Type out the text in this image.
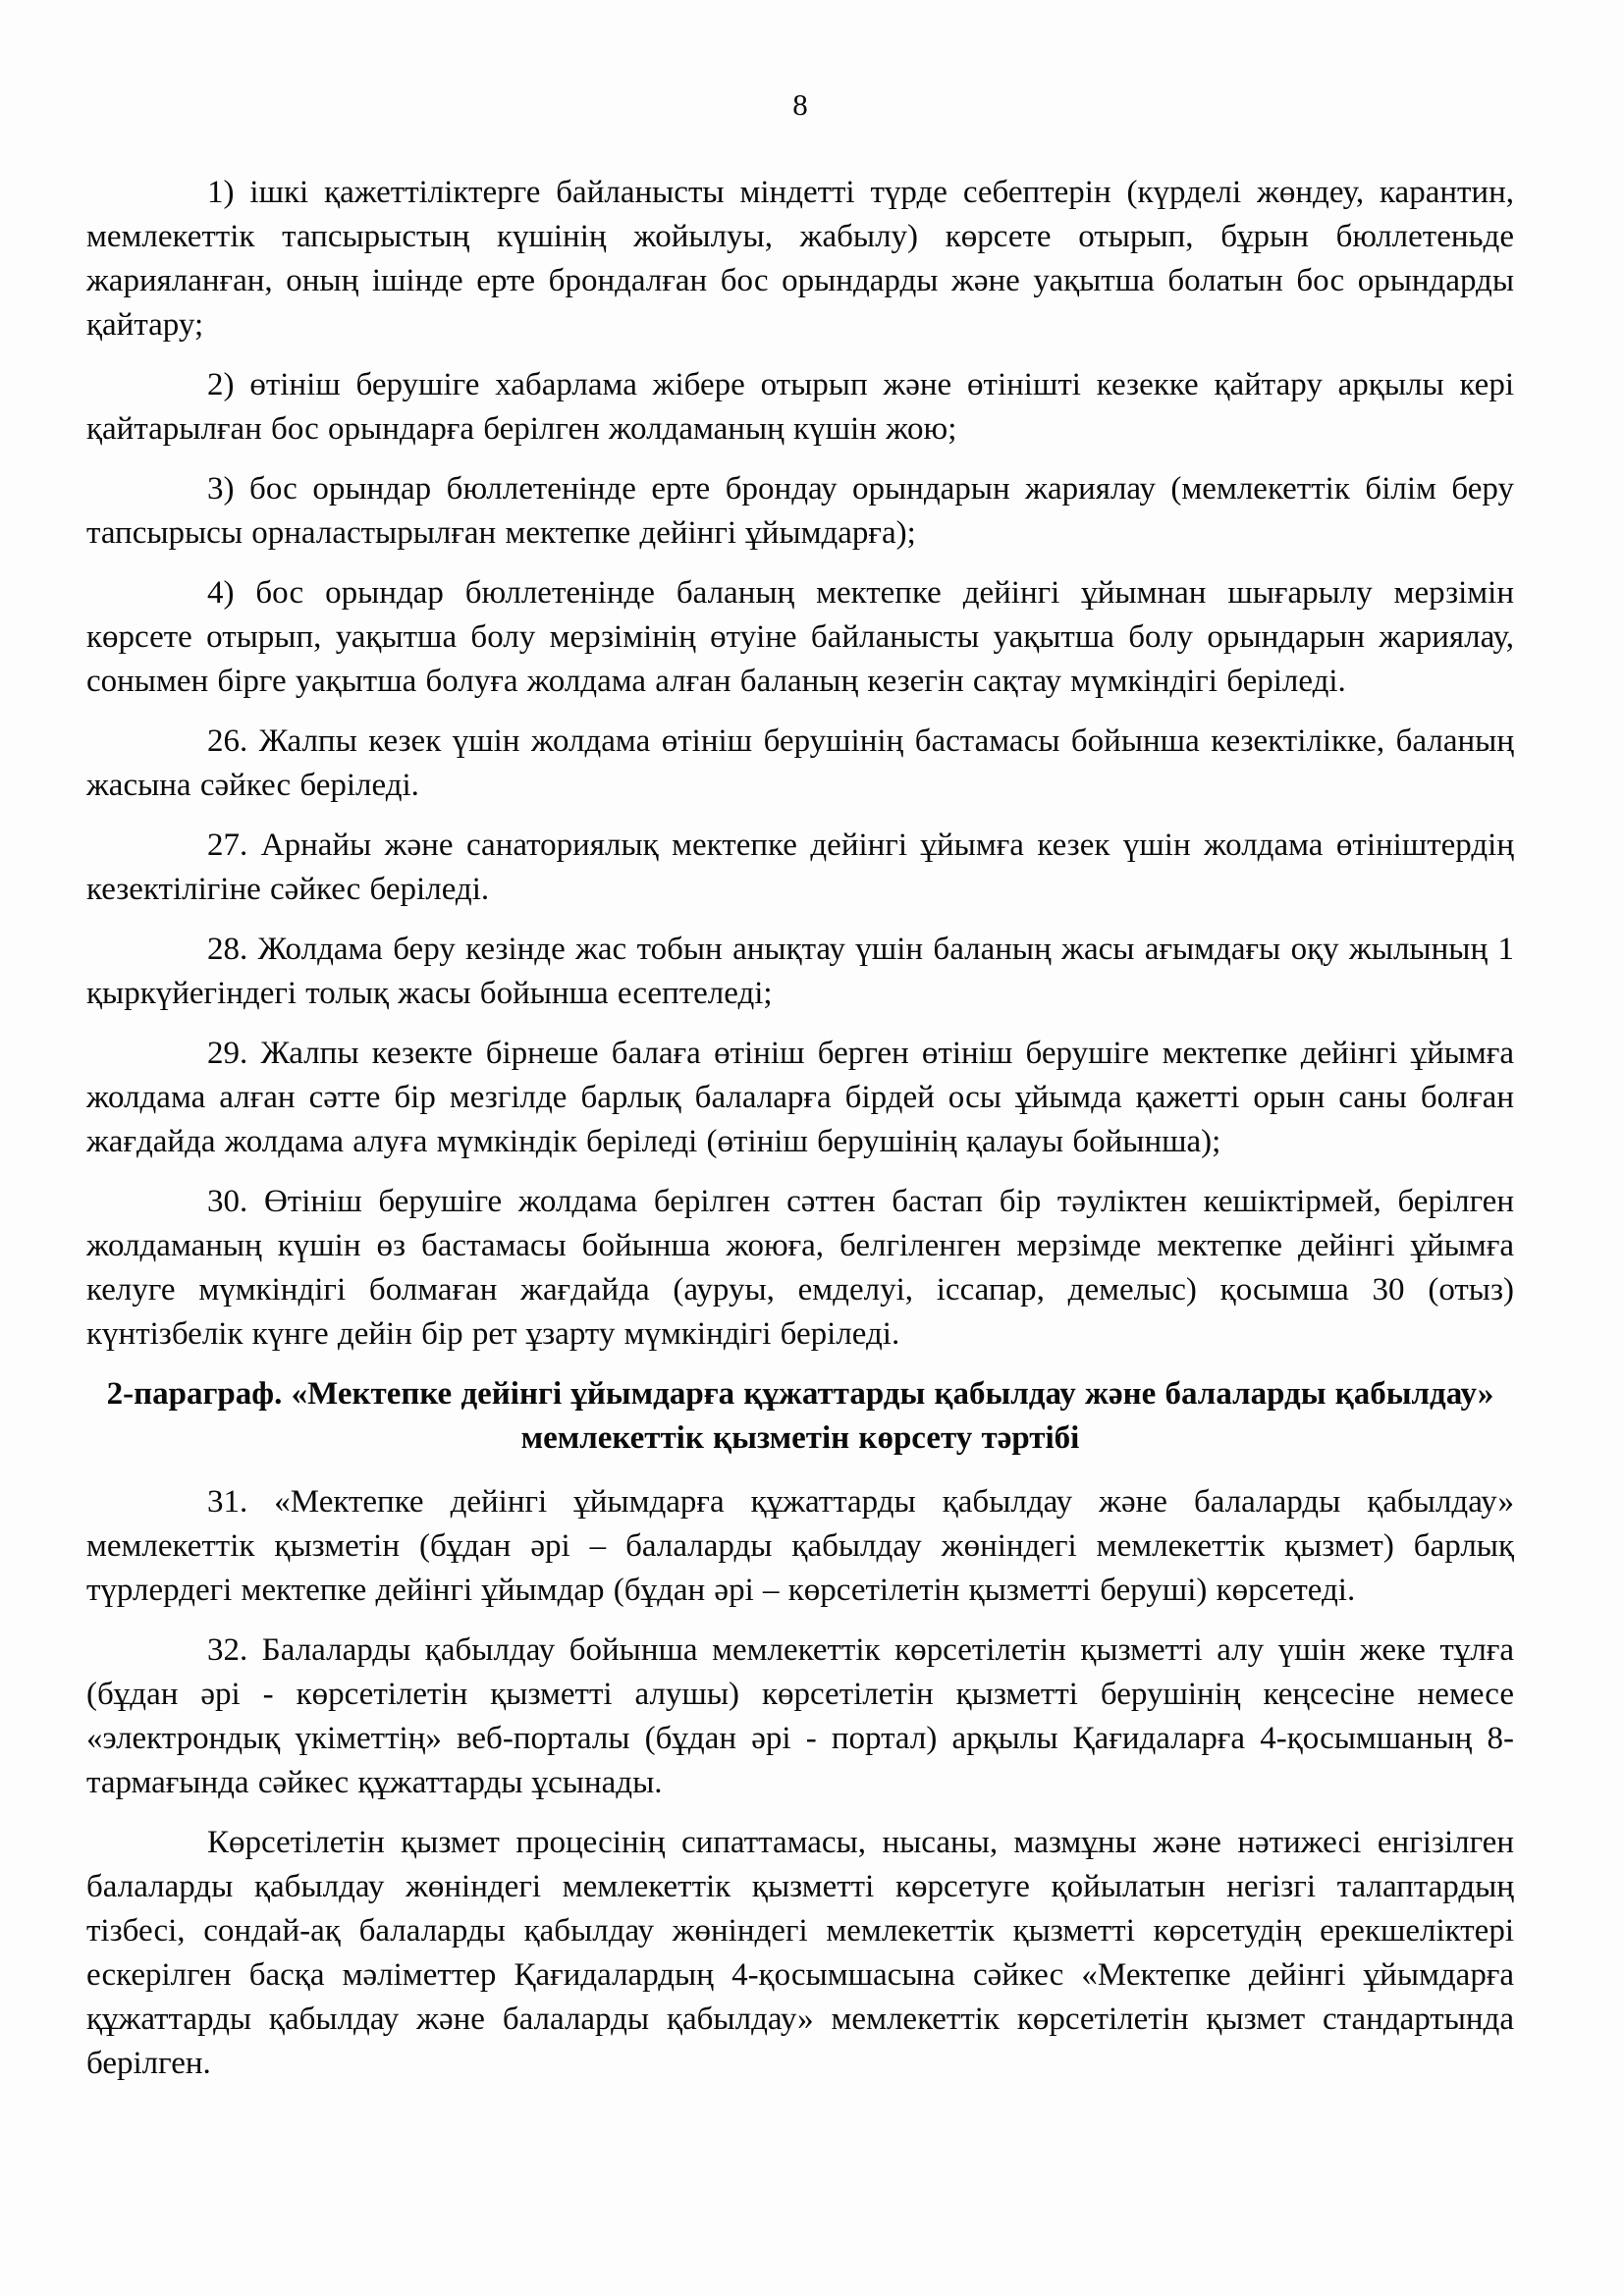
8

1) ішкі қажеттіліктерге байланысты міндетті түрде себептерін (күрделі жөндеу, карантин, мемлекеттік тапсырыстың күшінің жойылуы, жабылу) көрсете отырып, бұрын бюллетеньде жарияланған, оның ішінде ерте брондалған бос орындарды және уақытша болатын бос орындарды қайтару;

2) өтініш берушіге хабарлама жібере отырып және өтінішті кезекке қайтару арқылы кері қайтарылған бос орындарға берілген жолдаманың күшін жою;

3) бос орындар бюллетенінде ерте брондау орындарын жариялау (мемлекеттік білім беру тапсырысы орналастырылған мектепке дейінгі ұйымдарға);

4) бос орындар бюллетенінде баланың мектепке дейінгі ұйымнан шығарылу мерзімін көрсете отырып, уақытша болу мерзімінің өтуіне байланысты уақытша болу орындарын жариялау, сонымен бірге уақытша болуға жолдама алған баланың кезегін сақтау мүмкіндігі беріледі.

26. Жалпы кезек үшін жолдама өтініш берушінің бастамасы бойынша кезектілікке, баланың жасына сәйкес беріледі.

27. Арнайы және санаториялық мектепке дейінгі ұйымға кезек үшін жолдама өтініштердің кезектілігіне сәйкес беріледі.

28. Жолдама беру кезінде жас тобын анықтау үшін баланың жасы ағымдағы оқу жылының 1 қыркүйегіндегі толық жасы бойынша есептеледі;

29. Жалпы кезекте бірнеше балаға өтініш берген өтініш берушіге мектепке дейінгі ұйымға жолдама алған сәтте бір мезгілде барлық балаларға бірдей осы ұйымда қажетті орын саны болған жағдайда жолдама алуға мүмкіндік беріледі (өтініш берушінің қалауы бойынша);

30. Өтініш берушіге жолдама берілген сәттен бастап бір тәуліктен кешіктірмей, берілген жолдаманың күшін өз бастамасы бойынша жоюға, белгіленген мерзімде мектепке дейінгі ұйымға келуге мүмкіндігі болмаған жағдайда (ауруы, емделуі, іссапар, демелыс) қосымша 30 (отыз) күнтізбелік күнге дейін бір рет ұзарту мүмкіндігі беріледі.

2-параграф. «Мектепке дейінгі ұйымдарға құжаттарды қабылдау және балаларды қабылдау» мемлекеттік қызметін көрсету тәртібі

31. «Мектепке дейінгі ұйымдарға құжаттарды қабылдау және балаларды қабылдау» мемлекеттік қызметін (бұдан әрі – балаларды қабылдау жөніндегі мемлекеттік қызмет) барлық түрлердегі мектепке дейінгі ұйымдар (бұдан әрі – көрсетілетін қызметті беруші) көрсетеді.

32. Балаларды қабылдау бойынша мемлекеттік көрсетілетін қызметті алу үшін жеке тұлға (бұдан әрі - көрсетілетін қызметті алушы) көрсетілетін қызметті берушінің кеңсесіне немесе «электрондық үкіметтің» веб-порталы (бұдан әрі - портал) арқылы Қағидаларға 4-қосымшаның 8-тармағында сәйкес құжаттарды ұсынады.

Көрсетілетін қызмет процесінің сипаттамасы, нысаны, мазмұны және нәтижесі енгізілген балаларды қабылдау жөніндегі мемлекеттік қызметті көрсетуге қойылатын негізгі талаптардың тізбесі, сондай-ақ балаларды қабылдау жөніндегі мемлекеттік қызметті көрсетудің ерекшеліктері ескерілген басқа мәліметтер Қағидалардың 4-қосымшасына сәйкес «Мектепке дейінгі ұйымдарға құжаттарды қабылдау және балаларды қабылдау» мемлекеттік көрсетілетін қызмет стандартында берілген.
